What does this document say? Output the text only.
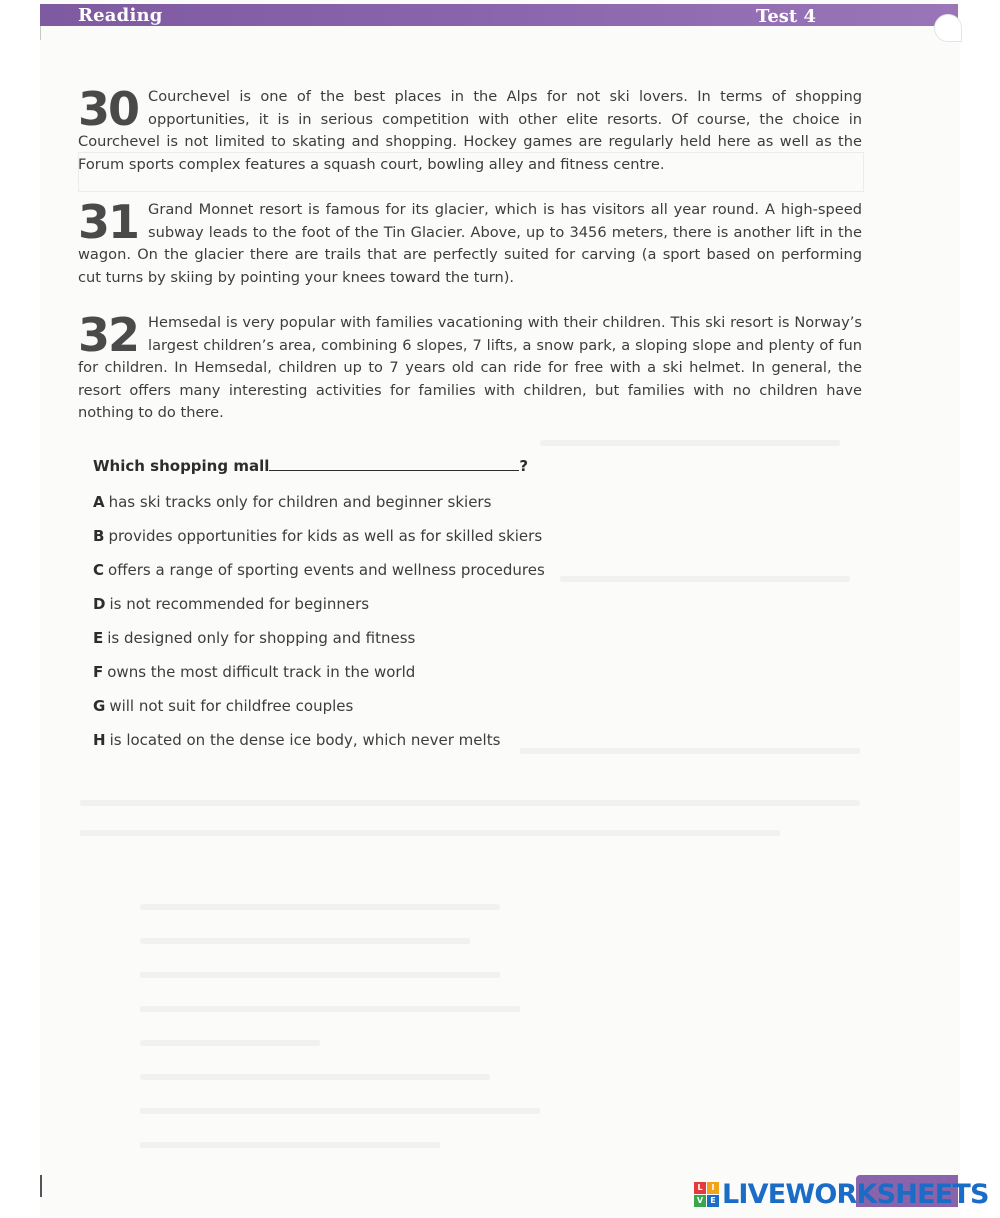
Reading	Test 4
30 Courchevel is one of the best places in the Alps for not ski lovers. In terms of shopping opportunities, it is in serious competition with other elite resorts. Of course, the choice in Courchevel is not limited to skating and shopping. Hockey games are regularly held here as well as the Forum sports complex features a squash court, bowling alley and fitness centre.
31 Grand Monnet resort is famous for its glacier, which is has visitors all year round. A high-speed subway leads to the foot of the Tin Glacier. Above, up to 3456 meters, there is another lift in the wagon. On the glacier there are trails that are perfectly suited for carving (a sport based on performing cut turns by skiing by pointing your knees toward the turn).
32 Hemsedal is very popular with families vacationing with their children. This ski resort is Norway’s largest children’s area, combining 6 slopes, 7 lifts, a snow park, a sloping slope and plenty of fun for children. In Hemsedal, children up to 7 years old can ride for free with a ski helmet. In general, the resort offers many interesting activities for families with children, but families with no children have nothing to do there.
Which shopping mall	?
A has ski tracks only for children and beginner skiers
B provides opportunities for kids as well as for skilled skiers
C offers a range of sporting events and wellness procedures
D is not recommended for beginners
E is designed only for shopping and fitness
F owns the most difficult track in the world
G will not suit for childfree couples
H is located on the dense ice body, which never melts
L	I
V E LIVE WORKSHEETS
